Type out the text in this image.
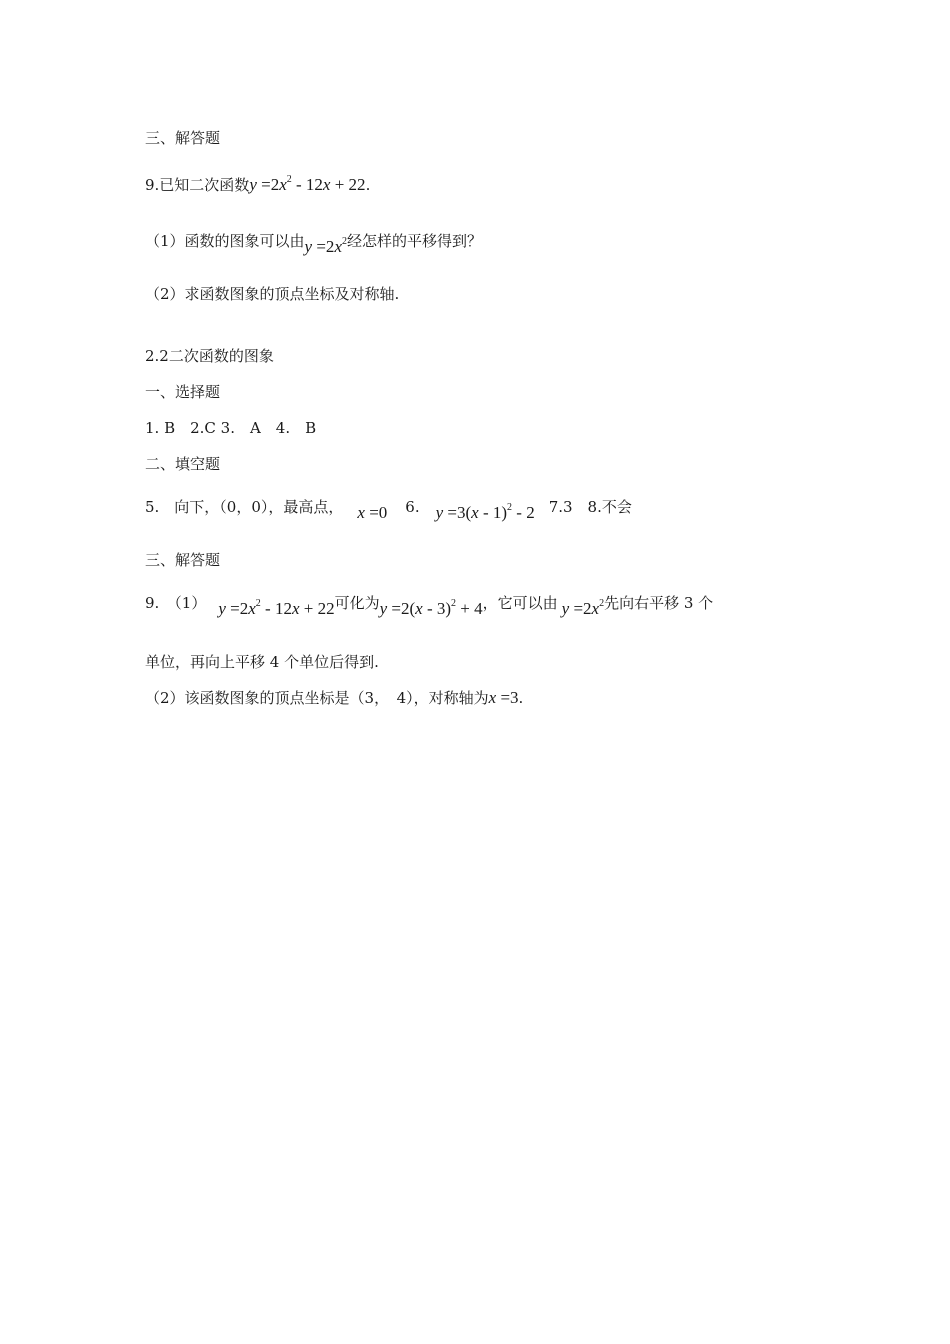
三、解答题
9.已知二次函数$y =2x^2 - 12x + 22$.
（1）函数的图象可以由$y =2x^2$经怎样的平移得到？
（2）求函数图象的顶点坐标及对称轴.
2.2二次函数的图象
一、选择题
1. B　2.C 3.　A　4.　B
二、填空题
5.　向下，（0，0），最高点， x =0 6. y =3(x - 1)$^2$ - 2 7.3　8.不会
三、解答题
9.　（1） $y =2x^2 - 12x + 22$可化为y =2(x - 3)$^2$ + 4，它可以由 $y =2x^2$先向右平移 3 个
单位，再向上平移 4 个单位后得到.
（2）该函数图象的顶点坐标是（3，　4），对称轴为x =3.
